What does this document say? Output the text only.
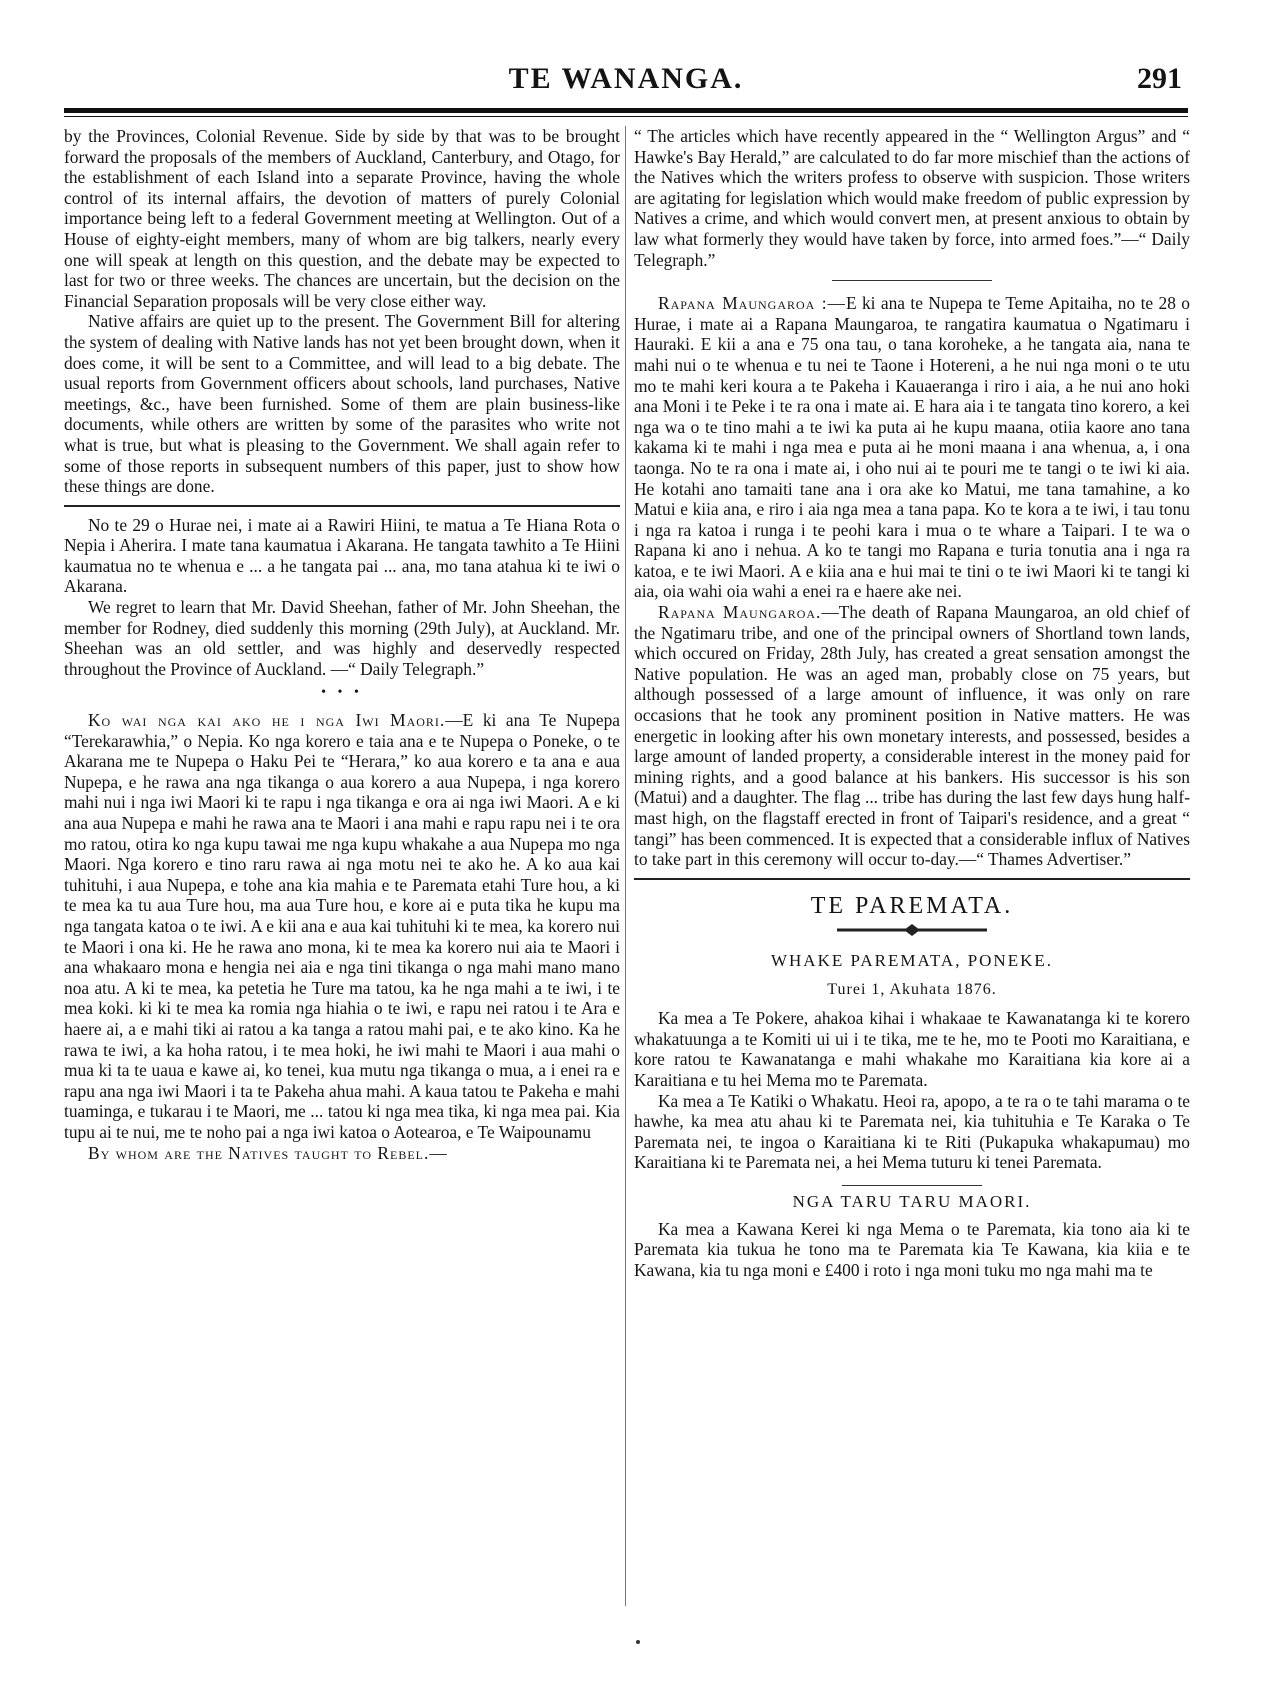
TE WANANGA.	291

by the Provinces, Colonial Revenue. Side by side by that was to be brought forward the proposals of the members of Auckland, Canterbury, and Otago, for the establishment of each Island into a separate Province, having the whole control of its internal affairs, the devotion of matters of purely Colonial importance being left to a federal Government meeting at Wellington. Out of a House of eighty-eight members, many of whom are big talkers, nearly every one will speak at length on this question, and the debate may be expected to last for two or three weeks. The chances are uncertain, but the decision on the Financial Separation proposals will be very close either way.

Native affairs are quiet up to the present. The Government Bill for altering the system of dealing with Native lands has not yet been brought down, when it does come, it will be sent to a Committee, and will lead to a big debate. The usual reports from Government officers about schools, land purchases, Native meetings, &c., have been furnished. Some of them are plain business-like documents, while others are written by some of the parasites who write not what is true, but what is pleasing to the Government. We shall again refer to some of those reports in subsequent numbers of this paper, just to show how these things are done.

No te 29 o Hurae nei, i mate ai a Rawiri Hiini, te matua a Te Hiana Rota o Nepia i Aherira. I mate tana kaumatua i Akarana. He tangata tawhito a Te Hiini kaumatua no te whenua e ... a he tangata pai ... ana, mo tana atahua ki te iwi o Akarana.

We regret to learn that Mr. David Sheehan, father of Mr. John Sheehan, the member for Rodney, died suddenly this morning (29th July), at Auckland. Mr. Sheehan was an old settler, and was highly and deservedly respected throughout the Province of Auckland. —“ Daily Telegraph.”

• • •

Ko wai nga kai ako he i nga Iwi Maori.—E ki ana Te Nupepa “Terekarawhia,” o Nepia. Ko nga korero e taia ana e te Nupepa o Poneke, o te Akarana me te Nupepa o Haku Pei te “Herara,” ko aua korero e ta ana e aua Nupepa, e he rawa ana nga tikanga o aua korero a aua Nupepa, i nga korero mahi nui i nga iwi Maori ki te rapu i nga tikanga e ora ai nga iwi Maori. A e ki ana aua Nupepa e mahi he rawa ana te Maori i ana mahi e rapu rapu nei i te ora mo ratou, otira ko nga kupu tawai me nga kupu whakahe a aua Nupepa mo nga Maori. Nga korero e tino raru rawa ai nga motu nei te ako he. A ko aua kai tuhituhi, i aua Nupepa, e tohe ana kia mahia e te Paremata etahi Ture hou, a ki te mea ka tu aua Ture hou, ma aua Ture hou, e kore ai e puta tika he kupu ma nga tangata katoa o te iwi. A e kii ana e aua kai tuhituhi ki te mea, ka korero nui te Maori i ona ki. He he rawa ano mona, ki te mea ka korero nui aia te Maori i ana whakaaro mona e hengia nei aia e nga tini tikanga o nga mahi mano mano noa atu. A ki te mea, ka petetia he Ture ma tatou, ka he nga mahi a te iwi, i te mea koki. ki ki te mea ka romia nga hiahia o te iwi, e rapu nei ratou i te Ara e haere ai, a e mahi tiki ai ratou a ka tanga a ratou mahi pai, e te ako kino. Ka he rawa te iwi, a ka hoha ratou, i te mea hoki, he iwi mahi te Maori i aua mahi o mua ki ta te uaua e kawe ai, ko tenei, kua mutu nga tikanga o mua, a i enei ra e rapu ana nga iwi Maori i ta te Pakeha ahua mahi. A kaua tatou te Pakeha e mahi tuaminga, e tukarau i te Maori, me ... tatou ki nga mea tika, ki nga mea pai. Kia tupu ai te nui, me te noho pai a nga iwi katoa o Aotearoa, e Te Waipounamu

By whom are the Natives taught to Rebel.—

“ The articles which have recently appeared in the “ Wellington Argus” and “ Hawke's Bay Herald,” are calculated to do far more mischief than the actions of the Natives which the writers profess to observe with suspicion. Those writers are agitating for legislation which would make freedom of public expression by Natives a crime, and which would convert men, at present anxious to obtain by law what formerly they would have taken by force, into armed foes.”—“ Daily Telegraph.”

Rapana Maungaroa :—E ki ana te Nupepa te Teme Apitaiha, no te 28 o Hurae, i mate ai a Rapana Maungaroa, te rangatira kaumatua o Ngatimaru i Hauraki. E kii a ana e 75 ona tau, o tana koroheke, a he tangata aia, nana te mahi nui o te whenua e tu nei te Taone i Hotereni, a he nui nga moni o te utu mo te mahi keri koura a te Pakeha i Kauaeranga i riro i aia, a he nui ano hoki ana Moni i te Peke i te ra ona i mate ai. E hara aia i te tangata tino korero, a kei nga wa o te tino mahi a te iwi ka puta ai he kupu maana, otiia kaore ano tana kakama ki te mahi i nga mea e puta ai he moni maana i ana whenua, a, i ona taonga. No te ra ona i mate ai, i oho nui ai te pouri me te tangi o te iwi ki aia. He kotahi ano tamaiti tane ana i ora ake ko Matui, me tana tamahine, a ko Matui e kiia ana, e riro i aia nga mea a tana papa. Ko te kora a te iwi, i tau tonu i nga ra katoa i runga i te peohi kara i mua o te whare a Taipari. I te wa o Rapana ki ano i nehua. A ko te tangi mo Rapana e turia tonutia ana i nga ra katoa, e te iwi Maori. A e kiia ana e hui mai te tini o te iwi Maori ki te tangi ki aia, oia wahi oia wahi a enei ra e haere ake nei.

Rapana Maungaroa.—The death of Rapana Maungaroa, an old chief of the Ngatimaru tribe, and one of the principal owners of Shortland town lands, which occured on Friday, 28th July, has created a great sensation amongst the Native population. He was an aged man, probably close on 75 years, but although possessed of a large amount of influence, it was only on rare occasions that he took any prominent position in Native matters. He was energetic in looking after his own monetary interests, and possessed, besides a large amount of landed property, a considerable interest in the money paid for mining rights, and a good balance at his bankers. His successor is his son (Matui) and a daughter. The flag ... tribe has during the last few days hung half-mast high, on the flagstaff erected in front of Taipari's residence, and a great “ tangi” has been commenced. It is expected that a considerable influx of Natives to take part in this ceremony will occur to-day.—“ Thames Advertiser.”

TE PAREMATA.
WHAKE PAREMATA, PONEKE.
Turei 1, Akuhata 1876.

Ka mea a Te Pokere, ahakoa kihai i whakaae te Kawanatanga ki te korero whakatuunga a te Komiti ui ui i te tika, me te he, mo te Pooti mo Karaitiana, e kore ratou te Kawanatanga e mahi whakahe mo Karaitiana kia kore ai a Karaitiana e tu hei Mema mo te Paremata.

Ka mea a Te Katiki o Whakatu. Heoi ra, apopo, a te ra o te tahi marama o te hawhe, ka mea atu ahau ki te Paremata nei, kia tuhituhia e Te Karaka o Te Paremata nei, te ingoa o Karaitiana ki te Riti (Pukapuka whakapumau) mo Karaitiana ki te Paremata nei, a hei Mema tuturu ki tenei Paremata.

NGA TARU TARU MAORI.

Ka mea a Kawana Kerei ki nga Mema o te Paremata, kia tono aia ki te Paremata kia tukua he tono ma te Paremata kia Te Kawana, kia kiia e te Kawana, kia tu nga moni e £400 i roto i nga moni tuku mo nga mahi ma te
